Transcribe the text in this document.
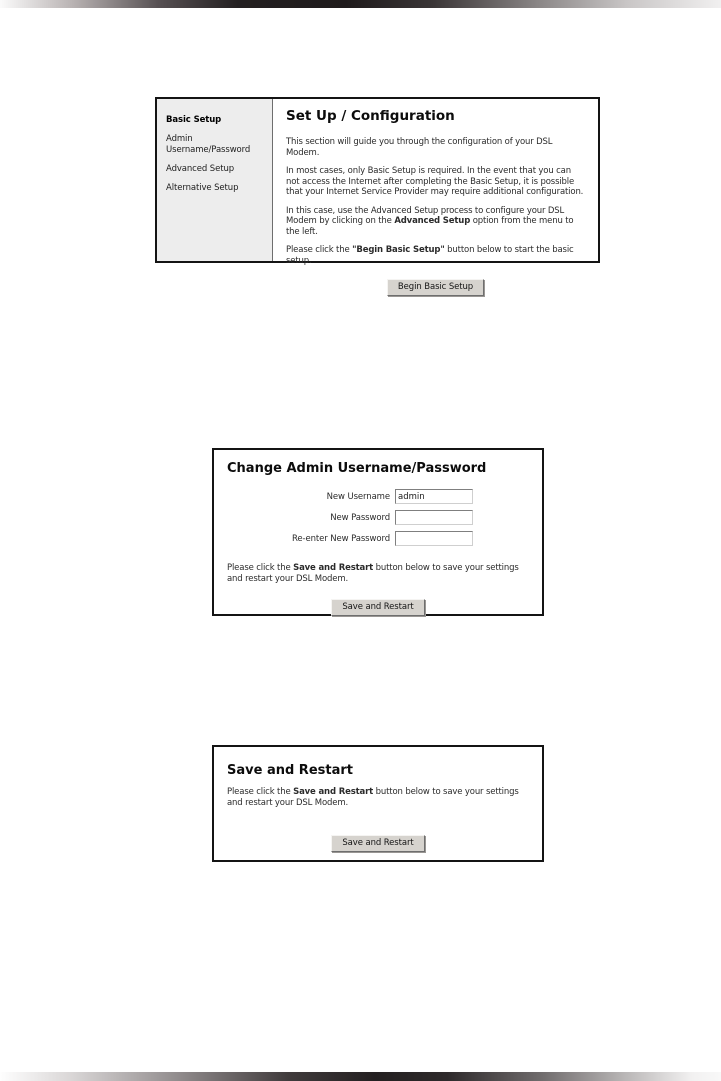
Basic Setup
Admin Username/Password
Advanced Setup
Alternative Setup
Set Up / Configuration

This section will guide you through the configuration of your DSL Modem.

In most cases, only Basic Setup is required. In the event that you can not access the Internet after completing the Basic Setup, it is possible that your Internet Service Provider may require additional configuration.

In this case, use the Advanced Setup process to configure your DSL Modem by clicking on the Advanced Setup option from the menu to the left.

Please click the "Begin Basic Setup" button below to start the basic setup.

Begin Basic Setup
Change Admin Username/Password
New Username
admin
New Password
Re-enter New Password

Please click the Save and Restart button below to save your settings and restart your DSL Modem.

Save and Restart
Save and Restart

Please click the Save and Restart button below to save your settings and restart your DSL Modem.

Save and Restart
